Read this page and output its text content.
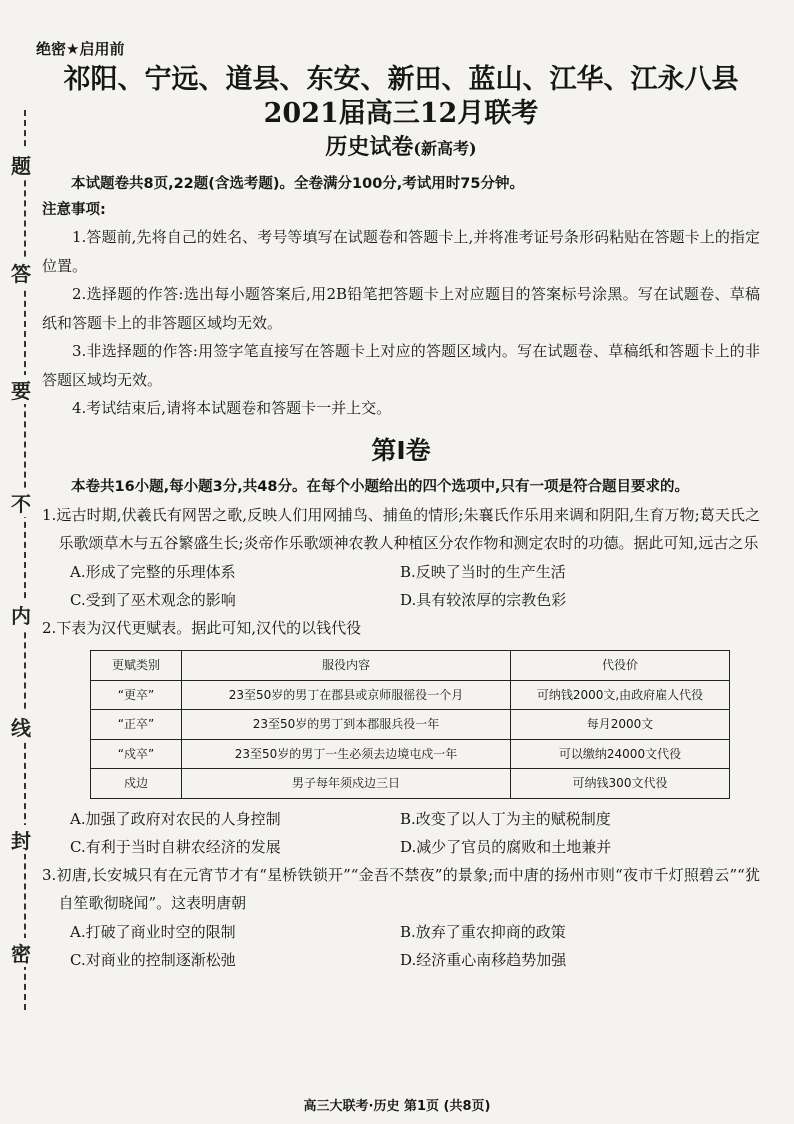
题
答
要
不
内
线
封
密
绝密★启用前
祁阳、宁远、道县、东安、新田、蓝山、江华、江永八县
2021届高三12月联考
历史试卷(新高考)
本试题卷共8页,22题(含选考题)。全卷满分100分,考试用时75分钟。
注意事项:

1.答题前,先将自己的姓名、考号等填写在试题卷和答题卡上,并将准考证号条形码粘贴在答题卡上的指定位置。

2.选择题的作答:选出每小题答案后,用2B铅笔把答题卡上对应题目的答案标号涂黑。写在试题卷、草稿纸和答题卡上的非答题区域均无效。

3.非选择题的作答:用签字笔直接写在答题卡上对应的答题区域内。写在试题卷、草稿纸和答题卡上的非答题区域均无效。

4.考试结束后,请将本试题卷和答题卡一并上交。

第Ⅰ卷
本卷共16小题,每小题3分,共48分。在每个小题给出的四个选项中,只有一项是符合题目要求的。
1.远古时期,伏羲氏有网罟之歌,反映人们用网捕鸟、捕鱼的情形;朱襄氏作乐用来调和阴阳,生育万物;葛天氏之乐歌颂草木与五谷繁盛生长;炎帝作乐歌颂神农教人种植区分农作物和测定农时的功德。据此可知,远古之乐
A.形成了完整的乐理体系	B.反映了当时的生产生活
C.受到了巫术观念的影响	D.具有较浓厚的宗教色彩
2.下表为汉代更赋表。据此可知,汉代的以钱代役
更赋类别	服役内容	代役价
“更卒”	23至50岁的男丁在郡县或京师服徭役一个月	可纳钱2000文,由政府雇人代役
“正卒”	23至50岁的男丁到本郡服兵役一年	每月2000文
“戍卒”	23至50岁的男丁一生必须去边境屯戍一年	可以缴纳24000文代役
戍边	男子每年须戍边三日	可纳钱300文代役
A.加强了政府对农民的人身控制	B.改变了以人丁为主的赋税制度
C.有利于当时自耕农经济的发展	D.减少了官员的腐败和土地兼并
3.初唐,长安城只有在元宵节才有“星桥铁锁开”“金吾不禁夜”的景象;而中唐的扬州市则“夜市千灯照碧云”“犹自笙歌彻晓闻”。这表明唐朝
A.打破了商业时空的限制	B.放弃了重农抑商的政策
C.对商业的控制逐渐松弛	D.经济重心南移趋势加强
高三大联考·历史 第1页 (共8页)
